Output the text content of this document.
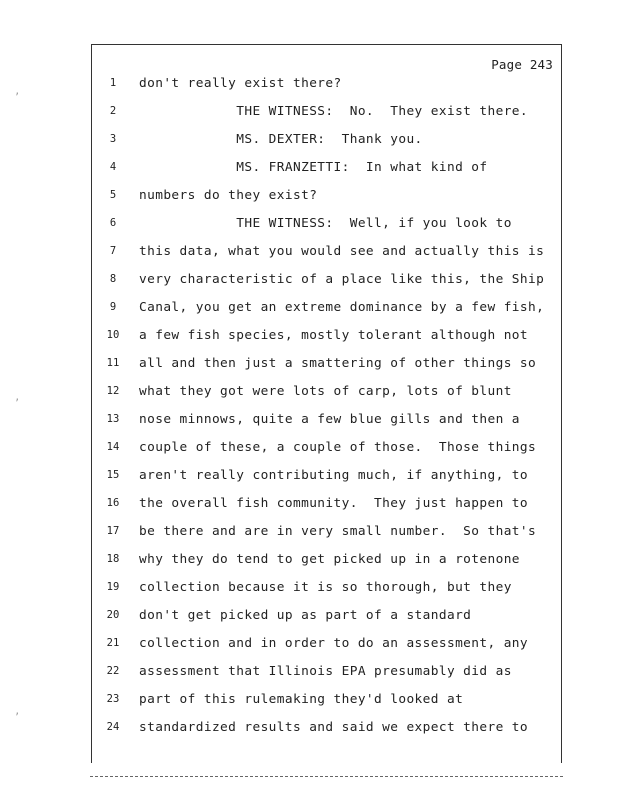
’
’
’
Page 243
1	don't really exist there?
2	THE WITNESS:  No.  They exist there.
3	MS. DEXTER:  Thank you.
4	MS. FRANZETTI:  In what kind of
5	numbers do they exist?
6	THE WITNESS:  Well, if you look to
7	this data, what you would see and actually this is
8	very characteristic of a place like this, the Ship
9	Canal, you get an extreme dominance by a few fish,
10	a few fish species, mostly tolerant although not
11	all and then just a smattering of other things so
12	what they got were lots of carp, lots of blunt
13	nose minnows, quite a few blue gills and then a
14	couple of these, a couple of those.  Those things
15	aren't really contributing much, if anything, to
16	the overall fish community.  They just happen to
17	be there and are in very small number.  So that's
18	why they do tend to get picked up in a rotenone
19	collection because it is so thorough, but they
20	don't get picked up as part of a standard
21	collection and in order to do an assessment, any
22	assessment that Illinois EPA presumably did as
23	part of this rulemaking they'd looked at
24	standardized results and said we expect there to
